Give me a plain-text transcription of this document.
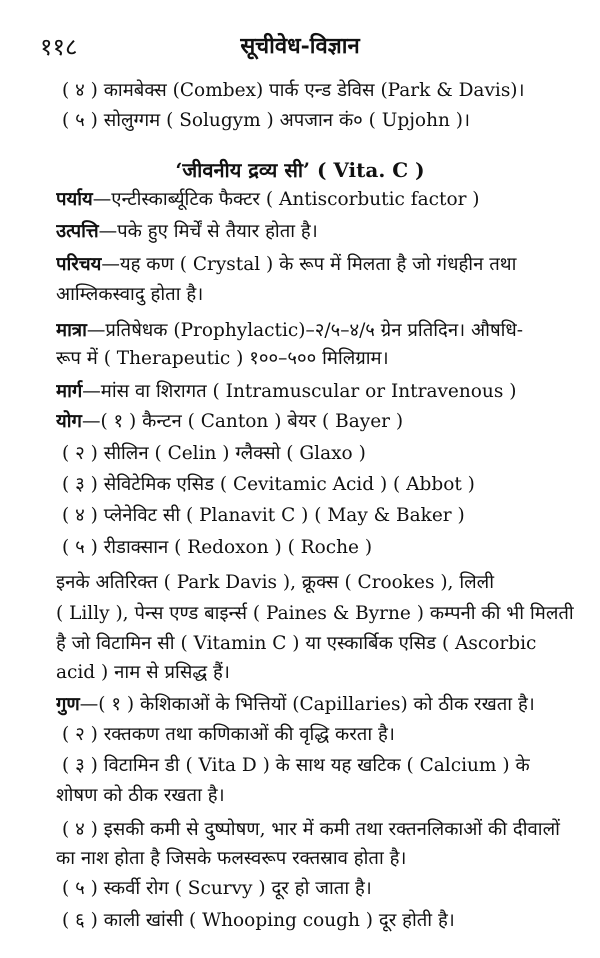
११८	सूचीवेध-विज्ञान
( ४ ) कामबेक्स (Combex) पार्क एन्ड डेविस (Park & Davis)।
( ५ ) सोलुग्गम ( Solugym ) अपजान कं० ( Upjohn )।
‘जीवनीय द्रव्य सी’ ( Vita. C )
पर्याय—एन्टीस्कार्ब्यूटिक फैक्टर ( Antiscorbutic factor )
उत्पत्ति—पके हुए मिर्चें से तैयार होता है।
परिचय—यह कण ( Crystal ) के रूप में मिलता है जो गंधहीन तथा
आम्लिकस्वादु होता है।
मात्रा—प्रतिषेधक (Prophylactic)–२/५–४/५ ग्रेन प्रतिदिन। औषधि-
रूप में ( Therapeutic ) १००–५०० मिलिग्राम।
मार्ग—मांस वा शिरागत ( Intramuscular or Intravenous )
योग—( १ ) कैन्टन ( Canton ) बेयर ( Bayer )
( २ ) सीलिन ( Celin ) ग्लैक्सो ( Glaxo )
( ३ ) सेविटेमिक एसिड ( Cevitamic Acid ) ( Abbot )
( ४ ) प्लेनेविट सी ( Planavit C ) ( May & Baker )
( ५ ) रीडाक्सान ( Redoxon ) ( Roche )
इनके अतिरिक्त ( Park Davis ), क्रूक्स ( Crookes ), लिली
( Lilly ), पेन्स एण्ड बाइर्न्स ( Paines & Byrne ) कम्पनी की भी मिलती
है जो विटामिन सी ( Vitamin C ) या एस्कार्बिक एसिड ( Ascorbic
acid ) नाम से प्रसिद्ध हैं।
गुण—( १ ) केशिकाओं के भित्तियों (Capillaries) को ठीक रखता है।
( २ ) रक्तकण तथा कणिकाओं की वृद्धि करता है।
( ३ ) विटामिन डी ( Vita D ) के साथ यह खटिक ( Calcium ) के
शोषण को ठीक रखता है।
( ४ ) इसकी कमी से दुष्पोषण, भार में कमी तथा रक्तनलिकाओं की दीवालों
का नाश होता है जिसके फलस्वरूप रक्तस्राव होता है।
( ५ ) स्कर्वी रोग ( Scurvy ) दूर हो जाता है।
( ६ ) काली खांसी ( Whooping cough ) दूर होती है।
